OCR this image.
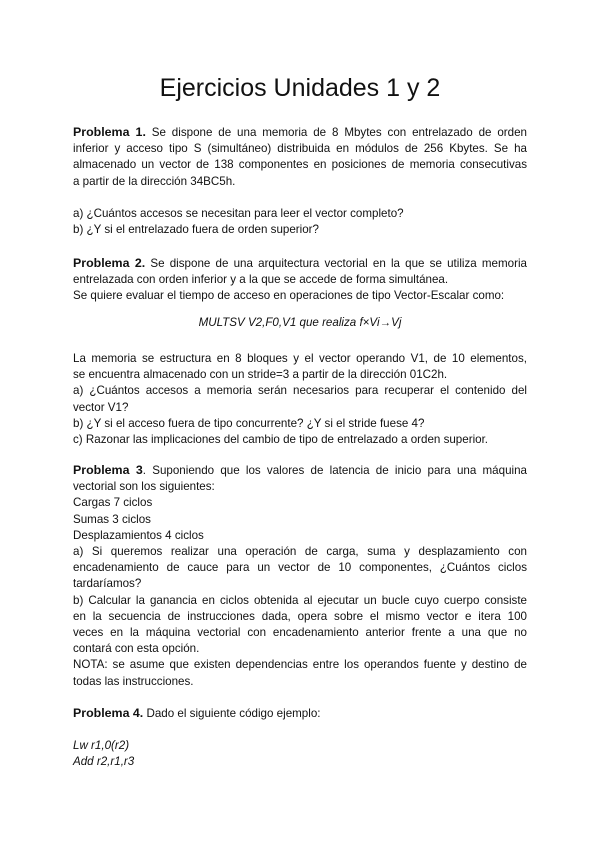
Ejercicios Unidades 1 y 2
Problema 1. Se dispone de una memoria de 8 Mbytes con entrelazado de orden
inferior y acceso tipo S (simultáneo) distribuida en módulos de 256 Kbytes. Se ha
almacenado un vector de 138 componentes en posiciones de memoria consecutivas
a partir de la dirección 34BC5h.
a) ¿Cuántos accesos se necesitan para leer el vector completo?
b) ¿Y si el entrelazado fuera de orden superior?
Problema 2. Se dispone de una arquitectura vectorial en la que se utiliza memoria
entrelazada con orden inferior y a la que se accede de forma simultánea.
Se quiere evaluar el tiempo de acceso en operaciones de tipo Vector-Escalar como:

MULTSV V2,F0,V1 que realiza f×Vi→Vj

La memoria se estructura en 8 bloques y el vector operando V1, de 10 elementos,
se encuentra almacenado con un stride=3 a partir de la dirección 01C2h.
a) ¿Cuántos accesos a memoria serán necesarios para recuperar el contenido del
vector V1?
b) ¿Y si el acceso fuera de tipo concurrente? ¿Y si el stride fuese 4?
c) Razonar las implicaciones del cambio de tipo de entrelazado a orden superior.
Problema 3. Suponiendo que los valores de latencia de inicio para una máquina
vectorial son los siguientes:
Cargas 7 ciclos
Sumas 3 ciclos
Desplazamientos 4 ciclos
a) Si queremos realizar una operación de carga, suma y desplazamiento con
encadenamiento de cauce para un vector de 10 componentes, ¿Cuántos ciclos
tardaríamos?
b) Calcular la ganancia en ciclos obtenida al ejecutar un bucle cuyo cuerpo consiste
en la secuencia de instrucciones dada, opera sobre el mismo vector e itera 100
veces en la máquina vectorial con encadenamiento anterior frente a una que no
contará con esta opción.
NOTA: se asume que existen dependencias entre los operandos fuente y destino de
todas las instrucciones.
Problema 4. Dado el siguiente código ejemplo:
Lw r1,0(r2)
Add r2,r1,r3
